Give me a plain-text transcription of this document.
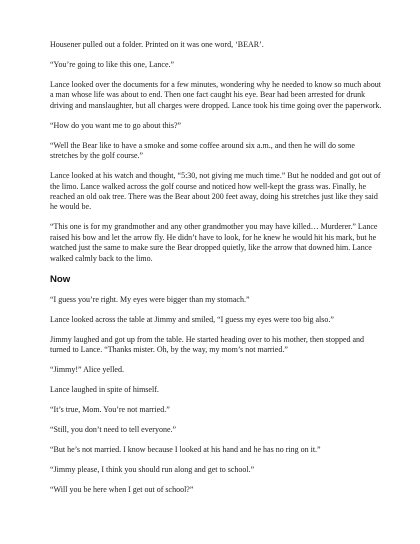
Housener pulled out a folder. Printed on it was one word, ‘BEAR’.

“You’re going to like this one, Lance.”

Lance looked over the documents for a few minutes, wondering why he needed to know so much about a man whose life was about to end. Then one fact caught his eye. Bear had been arrested for drunk driving and manslaughter, but all charges were dropped. Lance took his time going over the paperwork.

“How do you want me to go about this?”

“Well the Bear like to have a smoke and some coffee around six a.m., and then he will do some stretches by the golf course.”

Lance looked at his watch and thought, “5:30, not giving me much time.” But he nodded and got out of the limo. Lance walked across the golf course and noticed how well-kept the grass was. Finally, he reached an old oak tree. There was the Bear about 200 feet away, doing his stretches just like they said he would be.

“This one is for my grandmother and any other grandmother you may have killed… Murderer.” Lance raised his bow and let the arrow fly. He didn’t have to look, for he knew he would hit his mark, but he watched just the same to make sure the Bear dropped quietly, like the arrow that downed him. Lance walked calmly back to the limo.

Now

“I guess you’re right. My eyes were bigger than my stomach.”

Lance looked across the table at Jimmy and smiled, “I guess my eyes were too big also.”

Jimmy laughed and got up from the table. He started heading over to his mother, then stopped and turned to Lance. “Thanks mister. Oh, by the way, my mom’s not married.”

“Jimmy!” Alice yelled.

Lance laughed in spite of himself.

“It’s true, Mom. You’re not married.”

“Still, you don’t need to tell everyone.”

“But he’s not married. I know because I looked at his hand and he has no ring on it.”

“Jimmy please, I think you should run along and get to school.”

“Will you be here when I get out of school?”
